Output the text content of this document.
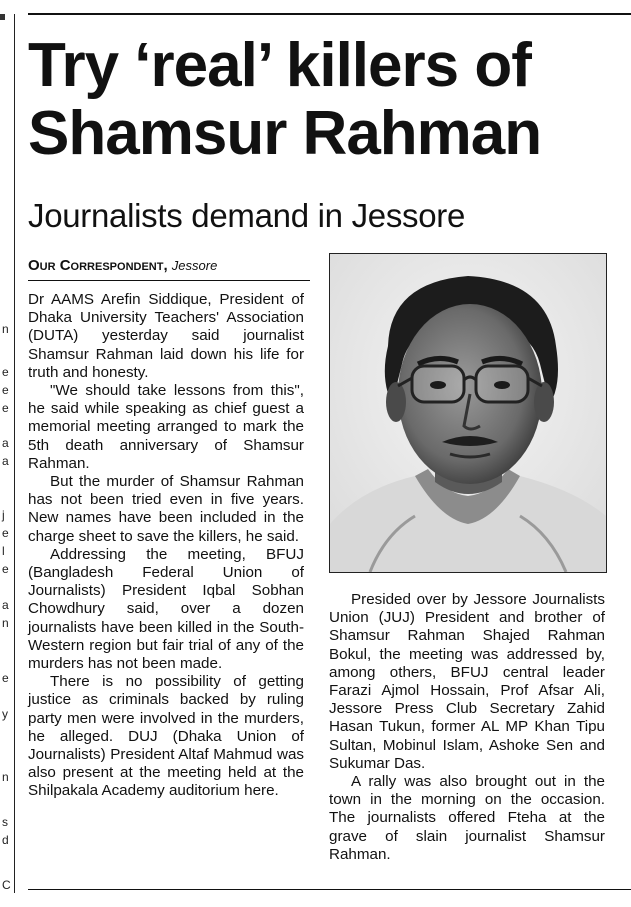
n
e
e
e
a
a
j
e
l
e
a
n
e
y
n
s
d
C
Try ‘real’ killers of
Shamsur Rahman
Journalists demand in Jessore
Our Correspondent, Jessore

Dr AAMS Arefin Siddique, President of Dhaka University Teachers' Association (DUTA) yesterday said journalist Shamsur Rahman laid down his life for truth and honesty.

"We should take lessons from this", he said while speaking as chief guest a memorial meeting arranged to mark the 5th death anniversary of Shamsur Rahman.

But the murder of Shamsur Rahman has not been tried even in five years. New names have been included in the charge sheet to save the killers, he said.

Addressing the meeting, BFUJ (Bangladesh Federal Union of Journalists) President Iqbal Sobhan Chowdhury said, over a dozen journalists have been killed in the South-Western region but fair trial of any of the murders has not been made.

There is no possibility of getting justice as criminals backed by ruling party men were involved in the murders, he alleged. DUJ (Dhaka Union of Journalists) President Altaf Mahmud was also present at the meeting held at the Shilpakala Academy auditorium here.

Presided over by Jessore Journalists Union (JUJ) President and brother of Shamsur Rahman Shajed Rahman Bokul, the meeting was addressed by, among others, BFUJ central leader Farazi Ajmol Hossain, Prof Afsar Ali, Jessore Press Club Secretary Zahid Hasan Tukun, former AL MP Khan Tipu Sultan, Mobinul Islam, Ashoke Sen and Sukumar Das.

A rally was also brought out in the town in the morning on the occasion. The journalists offered Fteha at the grave of slain journalist Shamsur Rahman.
